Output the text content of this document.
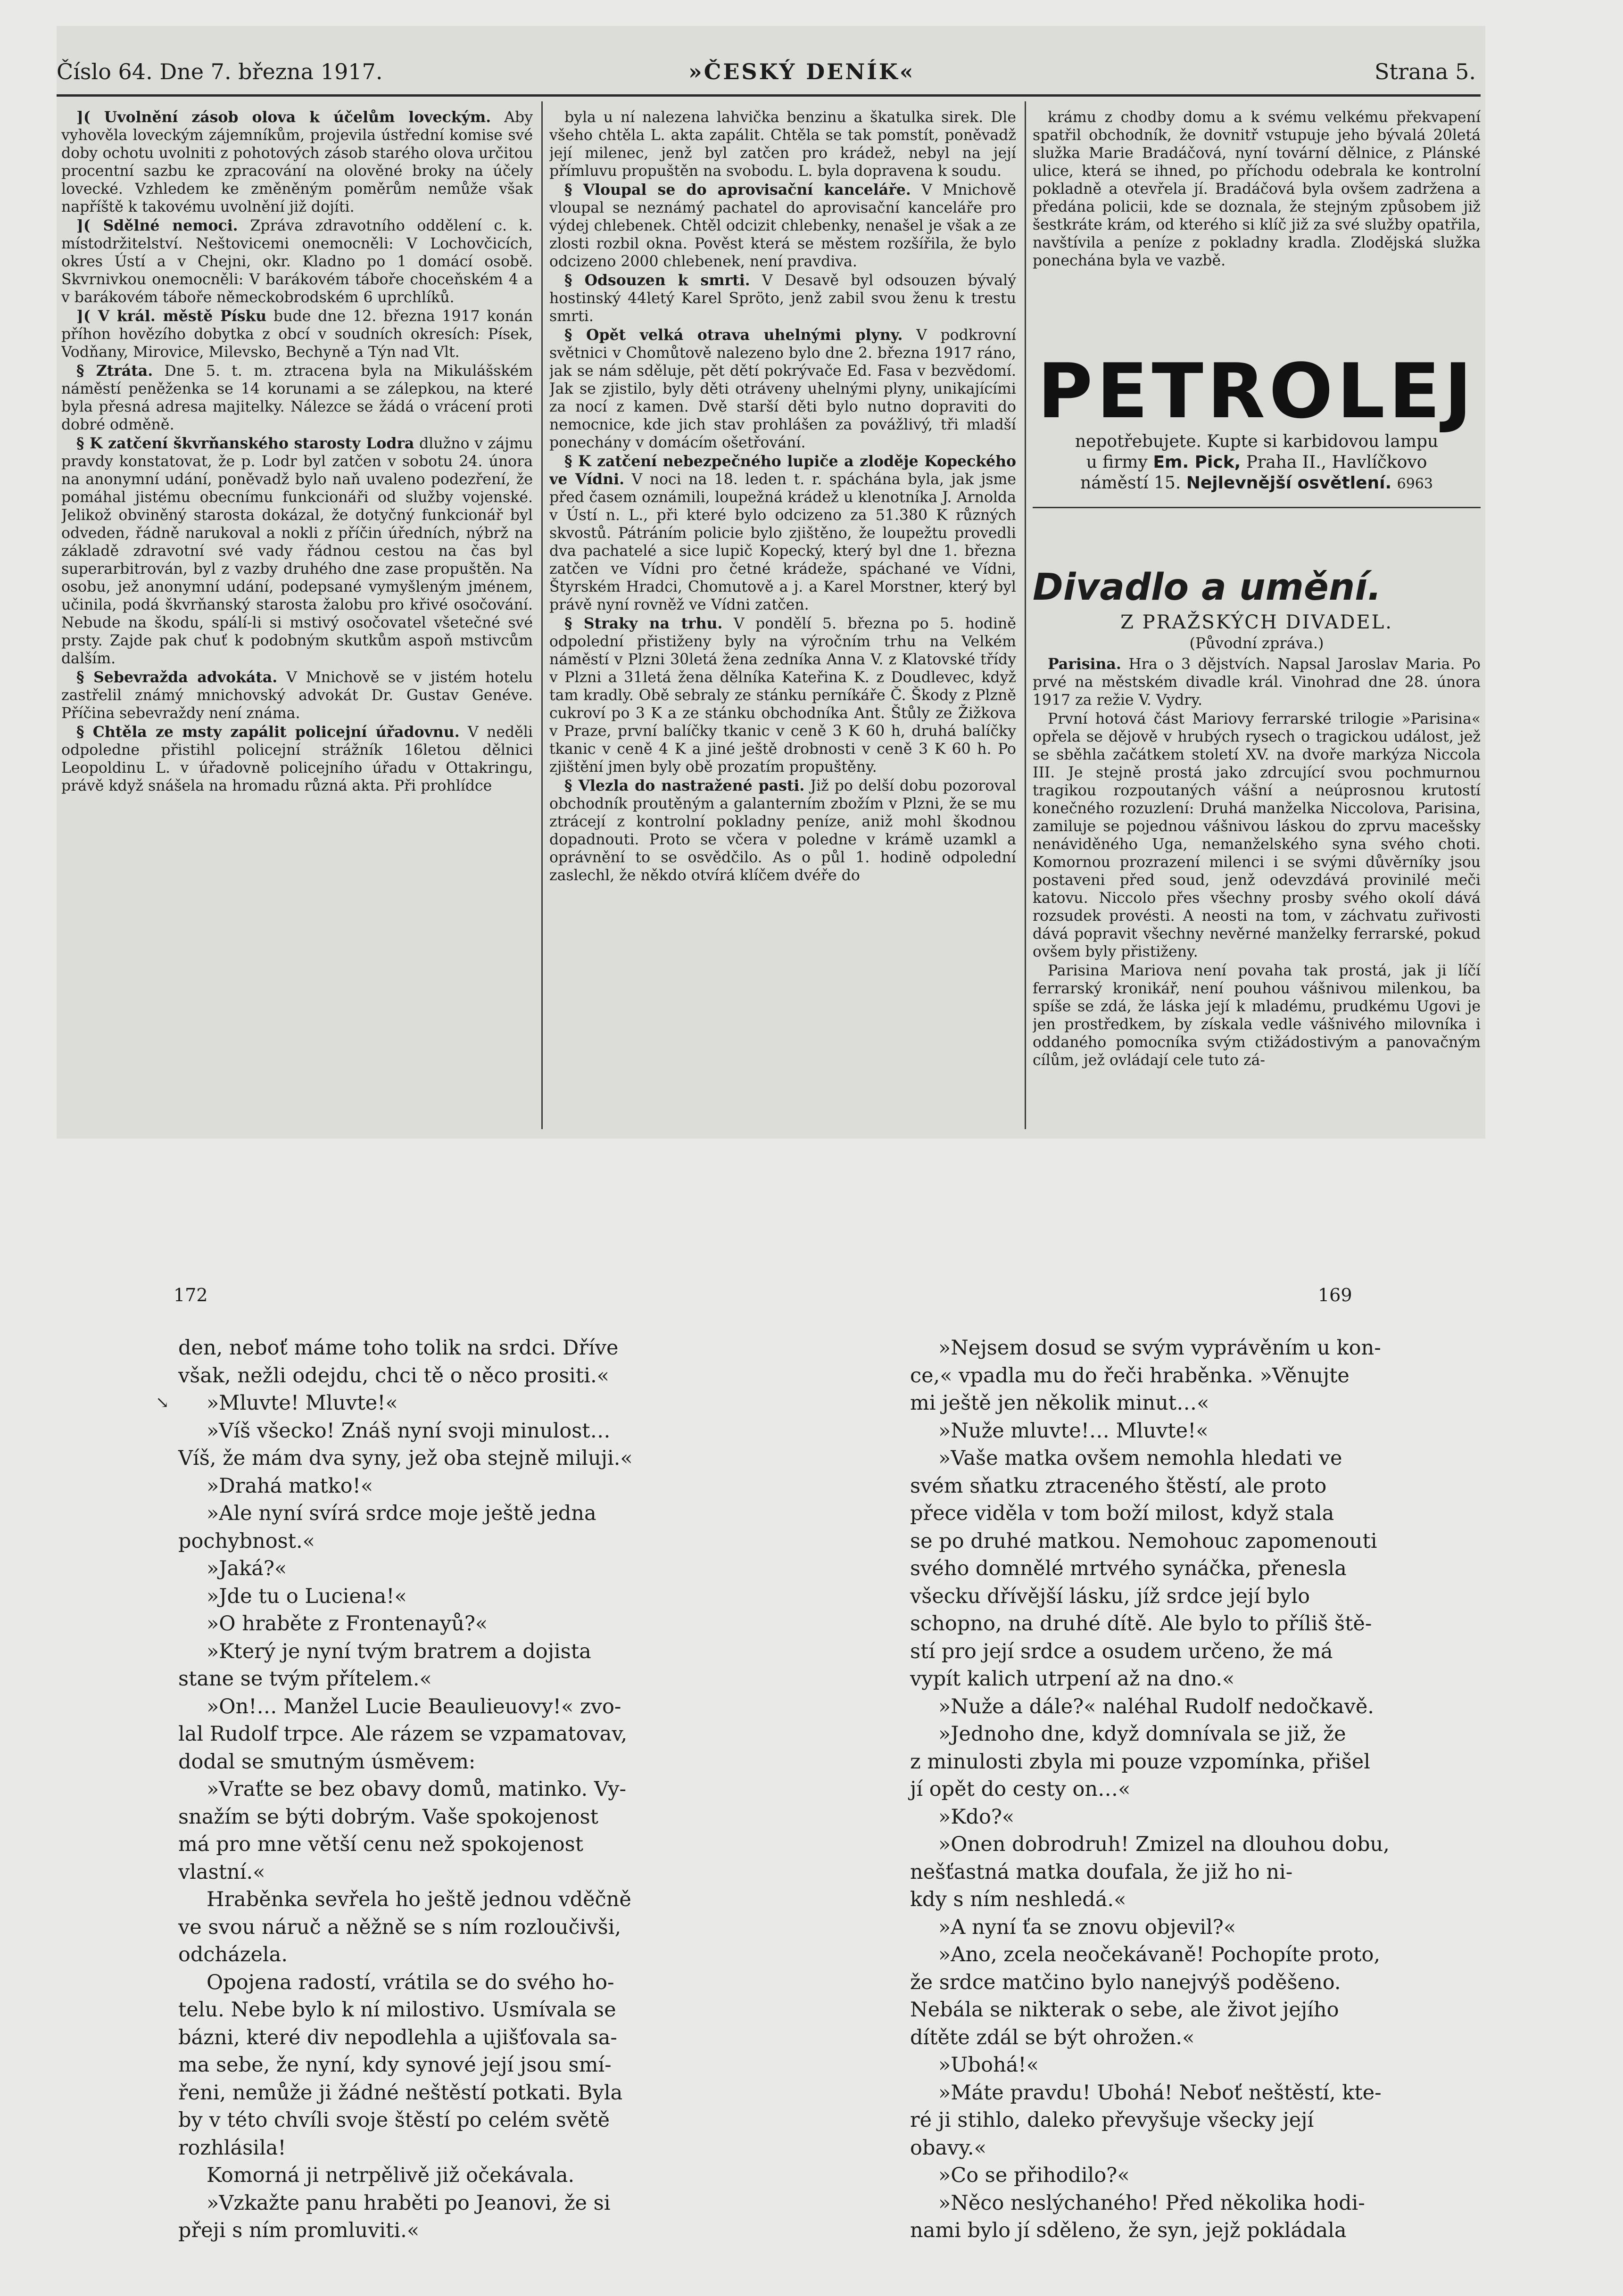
Číslo 64. Dne 7. března 1917.	»ČESKÝ DENÍK«	Strana 5.

]( Uvolnění zásob olova k účelům loveckým. Aby vyhověla loveckým zájemníkům, projevila ústřední komise své doby ochotu uvolniti z pohotových zásob starého olova určitou procentní sazbu ke zpracování na olověné broky na účely lovecké. Vzhledem ke změněným poměrům nemůže však napříště k takovému uvolnění již dojíti.

]( Sdělné nemoci. Zpráva zdravotního oddělení c. k. místodržitelství. Neštovicemi onemocněli: V Lochovčicích, okres Ústí a v Chejni, okr. Kladno po 1 domácí osobě. Skvrnivkou onemocněli: V barákovém táboře choceňském 4 a v barákovém táboře německobrodském 6 uprchlíků.

]( V král. městě Písku bude dne 12. března 1917 konán příhon hovězího dobytka z obcí v soudních okresích: Písek, Vodňany, Mirovice, Milevsko, Bechyně a Týn nad Vlt.

§ Ztráta. Dne 5. t. m. ztracena byla na Mikulášském náměstí peněženka se 14 korunami a se zálepkou, na které byla přesná adresa majitelky. Nálezce se žádá o vrácení proti dobré odměně.

§ K zatčení škvrňanského starosty Lodra dlužno v zájmu pravdy konstatovat, že p. Lodr byl zatčen v sobotu 24. února na anonymní udání, poněvadž bylo naň uvaleno podezření, že pomáhal jistému obecnímu funkcionáři od služby vojenské. Jelikož obviněný starosta dokázal, že dotyčný funkcionář byl odveden, řádně narukoval a nokli z příčin úředních, nýbrž na základě zdravotní své vady řádnou cestou na čas byl superarbitrován, byl z vazby druhého dne zase propuštěn. Na osobu, jež anonymní udání, podepsané vymyšleným jménem, učinila, podá škvrňanský starosta žalobu pro křivé osočování. Nebude na škodu, spálí-li si mstivý osočovatel všetečné své prsty. Zajde pak chuť k podobným skutkům aspoň mstivcům dalším.

§ Sebevražda advokáta. V Mnichově se v jistém hotelu zastřelil známý mnichovský advokát Dr. Gustav Genéve. Příčina sebevraždy není známa.

§ Chtěla ze msty zapálit policejní úřadovnu. V neděli odpoledne přistihl policejní strážník 16letou dělnici Leopoldinu L. v úřadovně policejního úřadu v Ottakringu, právě když snášela na hromadu různá akta. Při prohlídce

byla u ní nalezena lahvička benzinu a škatulka sirek. Dle všeho chtěla L. akta zapálit. Chtěla se tak pomstít, poněvadž její milenec, jenž byl zatčen pro krádež, nebyl na její přímluvu propuštěn na svobodu. L. byla dopravena k soudu.

§ Vloupal se do aprovisační kanceláře. V Mnichově vloupal se neznámý pachatel do aprovisační kanceláře pro výdej chlebenek. Chtěl odcizit chlebenky, nenašel je však a ze zlosti rozbil okna. Pověst která se městem rozšířila, že bylo odcizeno 2000 chlebenek, není pravdiva.

§ Odsouzen k smrti. V Desavě byl odsouzen bývalý hostinský 44letý Karel Spröto, jenž zabil svou ženu k trestu smrti.

§ Opět velká otrava uhelnými plyny. V podkrovní světnici v Chomůtově nalezeno bylo dne 2. března 1917 ráno, jak se nám sděluje, pět dětí pokrývače Ed. Fasa v bezvědomí. Jak se zjistilo, byly děti otráveny uhelnými plyny, unikajícími za nocí z kamen. Dvě starší děti bylo nutno dopraviti do nemocnice, kde jich stav prohlášen za povážlivý, tři mladší ponechány v domácím ošetřování.

§ K zatčení nebezpečného lupiče a zloděje Kopeckého ve Vídni. V noci na 18. leden t. r. spáchána byla, jak jsme před časem oznámili, loupežná krádež u klenotníka J. Arnolda v Ústí n. L., při které bylo odcizeno za 51.380 K různých skvostů. Pátráním policie bylo zjištěno, že loupežtu provedli dva pachatelé a sice lupič Kopecký, který byl dne 1. března zatčen ve Vídni pro četné krádeže, spáchané ve Vídni, Štyrském Hradci, Chomutově a j. a Karel Morstner, který byl právě nyní rovněž ve Vídni zatčen.

§ Straky na trhu. V pondělí 5. března po 5. hodině odpolední přistiženy byly na výročním trhu na Velkém náměstí v Plzni 30letá žena zedníka Anna V. z Klatovské třídy v Plzni a 31letá žena dělníka Kateřina K. z Doudlevec, když tam kradly. Obě sebraly ze stánku perníkáře Č. Škody z Plzně cukroví po 3 K a ze stánku obchodníka Ant. Štůly ze Žižkova v Praze, první balíčky tkanic v ceně 3 K 60 h, druhá balíčky tkanic v ceně 4 K a jiné ještě drobnosti v ceně 3 K 60 h. Po zjištění jmen byly obě prozatím propuštěny.

§ Vlezla do nastražené pasti. Již po delší dobu pozoroval obchodník proutěným a galanterním zbožím v Plzni, že se mu ztrácejí z kontrolní pokladny peníze, aniž mohl škodnou dopadnouti. Proto se včera v poledne v krámě uzamkl a oprávnění to se osvědčilo. As o půl 1. hodině odpolední zaslechl, že někdo otvírá klíčem dvéře do

krámu z chodby domu a k svému velkému překvapení spatřil obchodník, že dovnitř vstupuje jeho bývalá 20letá služka Marie Bradáčová, nyní tovární dělnice, z Plánské ulice, která se ihned, po příchodu odebrala ke kontrolní pokladně a otevřela jí. Bradáčová byla ovšem zadržena a předána policii, kde se doznala, že stejným způsobem již šestkráte krám, od kterého si klíč již za své služby opatřila, navštívila a peníze z pokladny kradla. Zlodějská služka ponechána byla ve vazbě.

PETROLEJ
nepotřebujete. Kupte si karbidovou lampu
u firmy Em. Pick, Praha II., Havlíčkovo
náměstí 15. Nejlevnější osvětlení. 6963
Divadlo a umění.
Z PRAŽSKÝCH DIVADEL.
(Původní zpráva.)

Parisina. Hra o 3 dějstvích. Napsal Jaroslav Maria. Po prvé na městském divadle král. Vinohrad dne 28. února 1917 za režie V. Vydry.

První hotová část Mariovy ferrarské trilogie »Parisina« opřela se dějově v hrubých rysech o tragickou událost, jež se sběhla začátkem století XV. na dvoře markýza Niccola III. Je stejně prostá jako zdrcující svou pochmurnou tragikou rozpoutaných vášní a neúprosnou krutostí konečného rozuzlení: Druhá manželka Niccolova, Parisina, zamiluje se pojednou vášnivou láskou do zprvu macešsky nenáviděného Uga, nemanželského syna svého choti. Komornou prozrazení milenci i se svými důvěrníky jsou postaveni před soud, jenž odevzdává provinilé meči katovu. Niccolo přes všechny prosby svého okolí dává rozsudek provésti. A neosti na tom, v záchvatu zuřivosti dává popravit všechny nevěrné manželky ferrarské, pokud ovšem byly přistiženy.

Parisina Mariova není povaha tak prostá, jak ji líčí ferrarský kronikář, není pouhou vášnivou milenkou, ba spíše se zdá, že láska její k mladému, prudkému Ugovi je jen prostředkem, by získala vedle vášnivého milovníka i oddaného pomocníka svým ctižádostivým a panovačným cílům, jež ovládají cele tuto zá-

172	169
↘

den, neboť máme toho tolik na srdci. Dříve

však, nežli odejdu, chci tě o něco prositi.«

»Mluvte! Mluvte!«

»Víš všecko! Znáš nyní svoji minulost…

Víš, že mám dva syny, jež oba stejně miluji.«

»Drahá matko!«

»Ale nyní svírá srdce moje ještě jedna

pochybnost.«

»Jaká?«

»Jde tu o Luciena!«

»O hraběte z Frontenayů?«

»Který je nyní tvým bratrem a dojista

stane se tvým přítelem.«

»On!… Manžel Lucie Beaulieuovy!« zvo-

lal Rudolf trpce. Ale rázem se vzpamatovav,

dodal se smutným úsměvem:

»Vraťte se bez obavy domů, matinko. Vy-

snažím se býti dobrým. Vaše spokojenost

má pro mne větší cenu než spokojenost

vlastní.«

Hraběnka sevřela ho ještě jednou vděčně

ve svou náruč a něžně se s ním rozloučivši,

odcházela.

Opojena radostí, vrátila se do svého ho-

telu. Nebe bylo k ní milostivo. Usmívala se

bázni, které div nepodlehla a ujišťovala sa-

ma sebe, že nyní, kdy synové její jsou smí-

řeni, nemůže ji žádné neštěstí potkati. Byla

by v této chvíli svoje štěstí po celém světě

rozhlásila!

Komorná ji netrpělivě již očekávala.

»Vzkažte panu hraběti po Jeanovi, že si

přeji s ním promluviti.«

»Nejsem dosud se svým vyprávěním u kon-

ce,« vpadla mu do řeči hraběnka. »Věnujte

mi ještě jen několik minut…«

»Nuže mluvte!… Mluvte!«

»Vaše matka ovšem nemohla hledati ve

svém sňatku ztraceného štěstí, ale proto

přece viděla v tom boží milost, když stala

se po druhé matkou. Nemohouc zapomenouti

svého domnělé mrtvého synáčka, přenesla

všecku dřívější lásku, jíž srdce její bylo

schopno, na druhé dítě. Ale bylo to příliš ště-

stí pro její srdce a osudem určeno, že má

vypít kalich utrpení až na dno.«

»Nuže a dále?« naléhal Rudolf nedočkavě.

»Jednoho dne, když domnívala se již, že

z minulosti zbyla mi pouze vzpomínka, přišel

jí opět do cesty on…«

»Kdo?«

»Onen dobrodruh! Zmizel na dlouhou dobu,

nešťastná matka doufala, že již ho ni-

kdy s ním neshledá.«

»A nyní ťa se znovu objevil?«

»Ano, zcela neočekávaně! Pochopíte proto,

že srdce matčino bylo nanejvýš poděšeno.

Nebála se nikterak o sebe, ale život jejího

dítěte zdál se být ohrožen.«

»Ubohá!«

»Máte pravdu! Ubohá! Neboť neštěstí, kte-

ré ji stihlo, daleko převyšuje všecky její

obavy.«

»Co se přihodilo?«

»Něco neslýchaného! Před několika hodi-

nami bylo jí sděleno, že syn, jejž pokládala
